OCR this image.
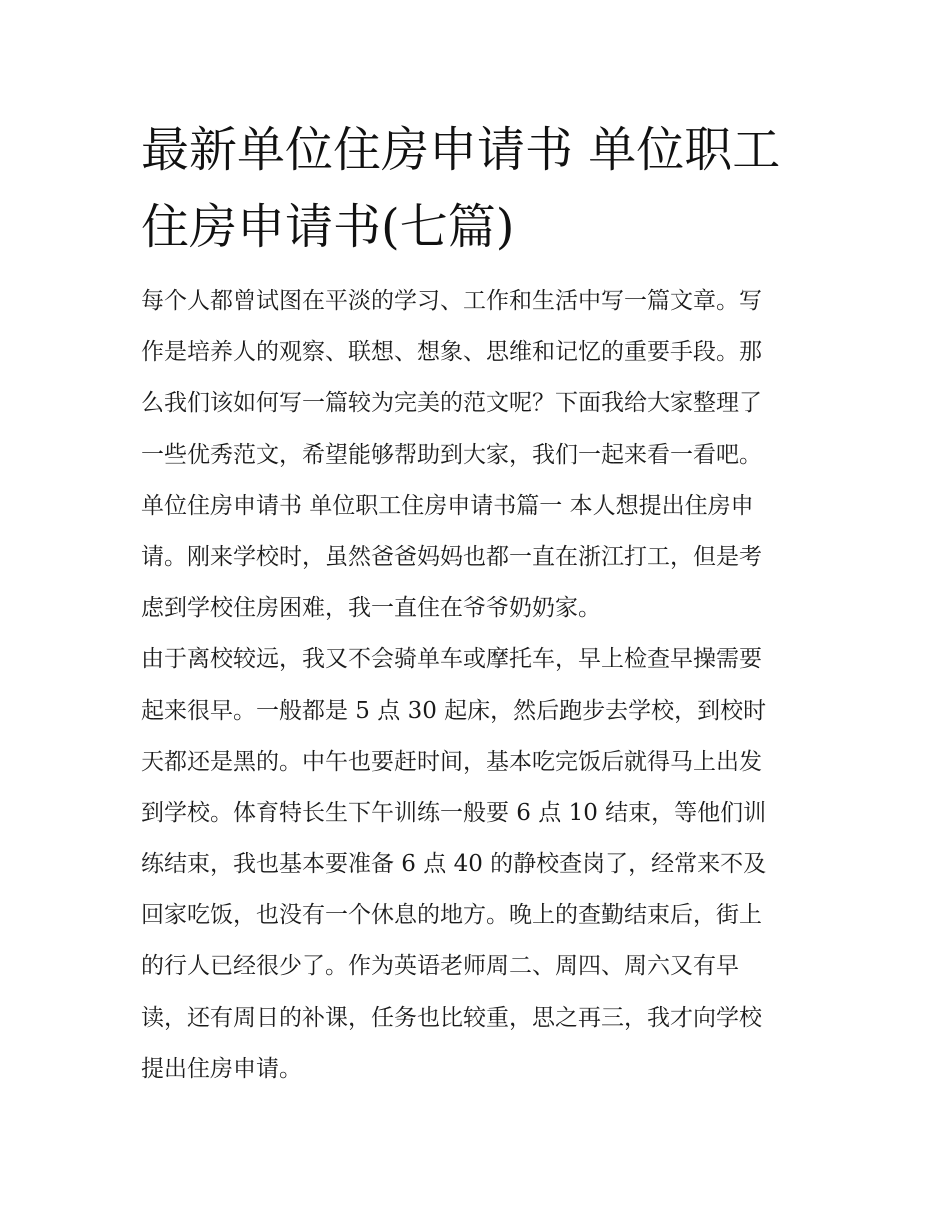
最新单位住房申请书 单位职工
住房申请书(七篇)
每个人都曾试图在平淡的学习、工作和生活中写一篇文章。写
作是培养人的观察、联想、想象、思维和记忆的重要手段。那
么我们该如何写一篇较为完美的范文呢？下面我给大家整理了
一些优秀范文，希望能够帮助到大家，我们一起来看一看吧。
单位住房申请书 单位职工住房申请书篇一 本人想提出住房申
请。刚来学校时，虽然爸爸妈妈也都一直在浙江打工，但是考
虑到学校住房困难，我一直住在爷爷奶奶家。
由于离校较远，我又不会骑单车或摩托车，早上检查早操需要
起来很早。一般都是 5 点 30 起床，然后跑步去学校，到校时
天都还是黑的。中午也要赶时间，基本吃完饭后就得马上出发
到学校。体育特长生下午训练一般要 6 点 10 结束，等他们训
练结束，我也基本要准备 6 点 40 的静校查岗了，经常来不及
回家吃饭，也没有一个休息的地方。晚上的查勤结束后，街上
的行人已经很少了。作为英语老师周二、周四、周六又有早
读，还有周日的补课，任务也比较重，思之再三，我才向学校
提出住房申请。
